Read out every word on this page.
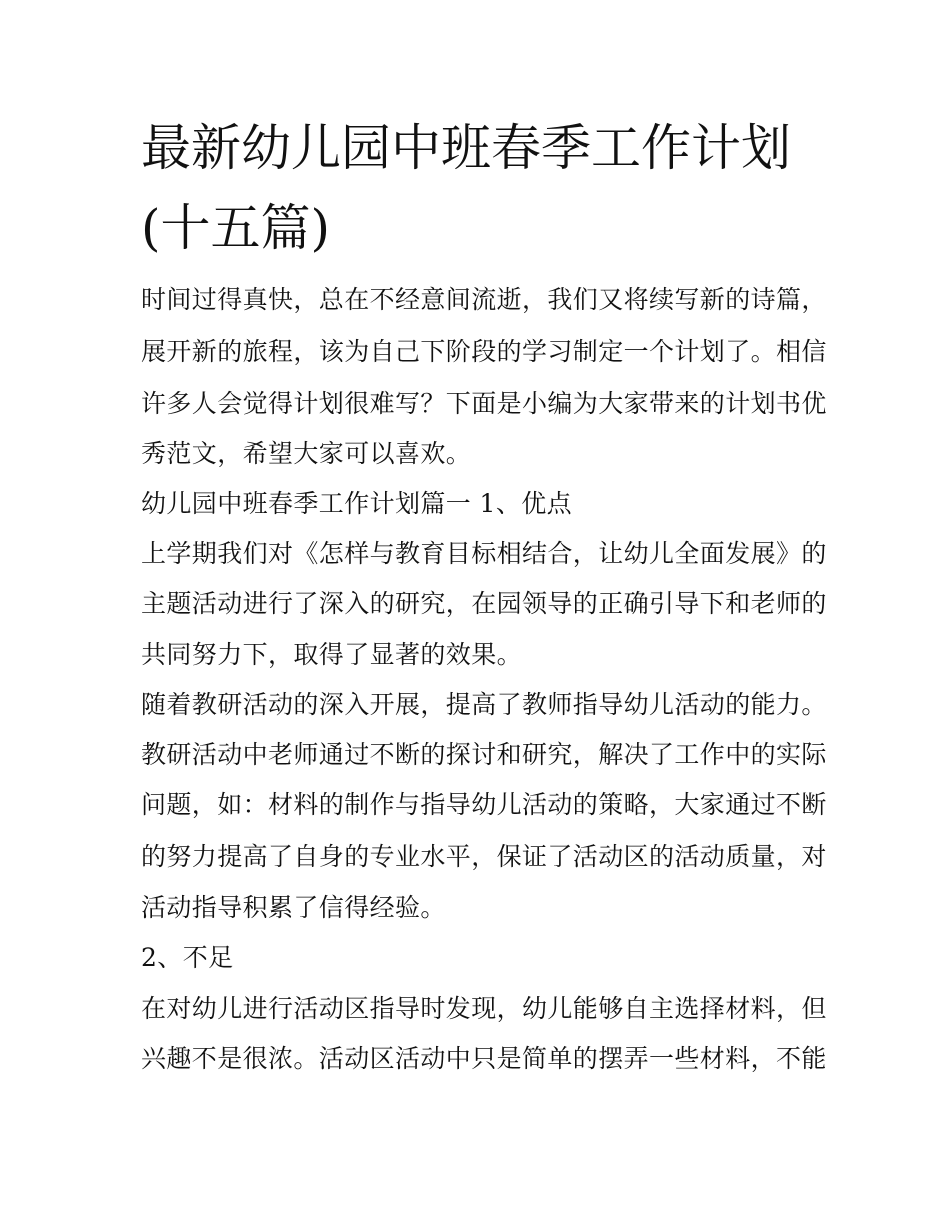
最新幼儿园中班春季工作计划
(十五篇)
时间过得真快，总在不经意间流逝，我们又将续写新的诗篇，
展开新的旅程，该为自己下阶段的学习制定一个计划了。相信
许多人会觉得计划很难写？下面是小编为大家带来的计划书优
秀范文，希望大家可以喜欢。
幼儿园中班春季工作计划篇一 1、优点
上学期我们对《怎样与教育目标相结合，让幼儿全面发展》的
主题活动进行了深入的研究，在园领导的正确引导下和老师的
共同努力下，取得了显著的效果。
随着教研活动的深入开展，提高了教师指导幼儿活动的能力。
教研活动中老师通过不断的探讨和研究，解决了工作中的实际
问题，如：材料的制作与指导幼儿活动的策略，大家通过不断
的努力提高了自身的专业水平，保证了活动区的活动质量，对
活动指导积累了信得经验。
2、不足
在对幼儿进行活动区指导时发现，幼儿能够自主选择材料，但
兴趣不是很浓。活动区活动中只是简单的摆弄一些材料，不能
